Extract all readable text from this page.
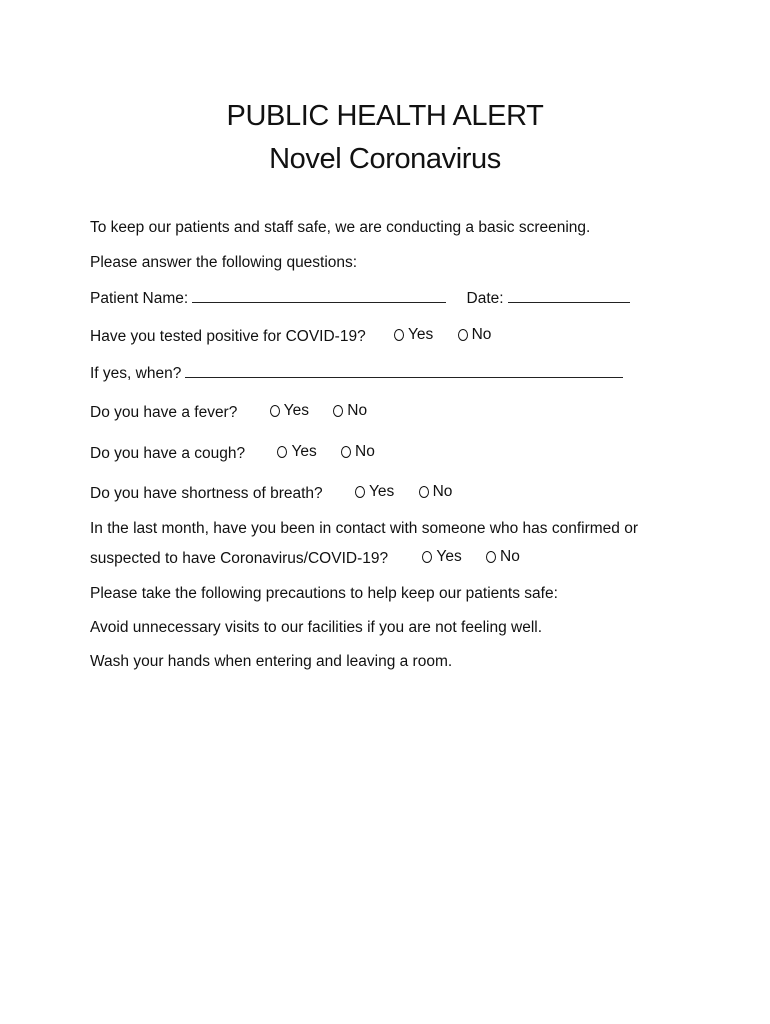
PUBLIC HEALTH ALERT
Novel Coronavirus
To keep our patients and staff safe, we are conducting a basic screening.
Please answer the following questions:
Patient Name:	Date:
Have you tested positive for COVID-19?	Yes
No
If yes, when?
Do you have a fever?	Yes
No
Do you have a cough?	Yes
No
Do you have shortness of breath?	Yes
No
In the last month, have you been in contact with someone who has confirmed or
suspected to have Coronavirus/COVID-19?	Yes
No
Please take the following precautions to help keep our patients safe:
Avoid unnecessary visits to our facilities if you are not feeling well.
Wash your hands when entering and leaving a room.
